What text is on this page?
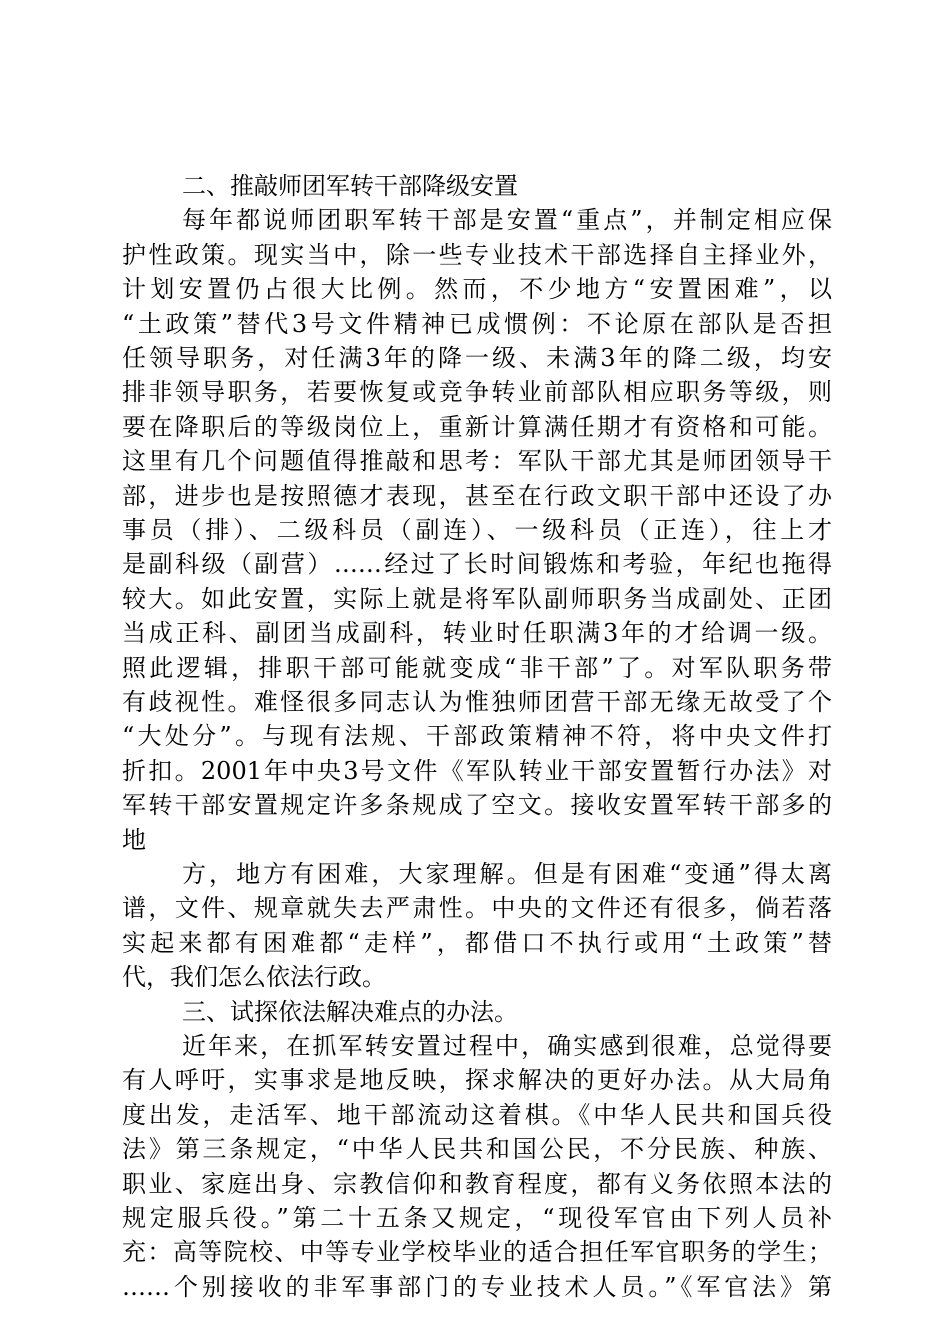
二、推敲师团军转干部降级安置
每年都说师团职军转干部是安置“重点”，并制定相应保
护性政策。现实当中，除一些专业技术干部选择自主择业外，
计划安置仍占很大比例。然而，不少地方“安置困难”，以
“土政策”替代3号文件精神已成惯例：不论原在部队是否担
任领导职务，对任满3年的降一级、未满3年的降二级，均安
排非领导职务，若要恢复或竞争转业前部队相应职务等级，则
要在降职后的等级岗位上，重新计算满任期才有资格和可能。
这里有几个问题值得推敲和思考：军队干部尤其是师团领导干
部，进步也是按照德才表现，甚至在行政文职干部中还设了办
事员（排）、二级科员（副连）、一级科员（正连），往上才
是副科级（副营）……经过了长时间锻炼和考验，年纪也拖得
较大。如此安置，实际上就是将军队副师职务当成副处、正团
当成正科、副团当成副科，转业时任职满3年的才给调一级。
照此逻辑，排职干部可能就变成“非干部”了。对军队职务带
有歧视性。难怪很多同志认为惟独师团营干部无缘无故受了个
“大处分”。与现有法规、干部政策精神不符，将中央文件打
折扣。2001年中央3号文件《军队转业干部安置暂行办法》对
军转干部安置规定许多条规成了空文。接收安置军转干部多的
地
方，地方有困难，大家理解。但是有困难“变通”得太离
谱，文件、规章就失去严肃性。中央的文件还有很多，倘若落
实起来都有困难都“走样”，都借口不执行或用“土政策”替
代，我们怎么依法行政。
三、试探依法解决难点的办法。
近年来，在抓军转安置过程中，确实感到很难，总觉得要
有人呼吁，实事求是地反映，探求解决的更好办法。从大局角
度出发，走活军、地干部流动这着棋。《中华人民共和国兵役
法》第三条规定，“中华人民共和国公民，不分民族、种族、
职业、家庭出身、宗教信仰和教育程度，都有义务依照本法的
规定服兵役。”第二十五条又规定，“现役军官由下列人员补
充：高等院校、中等专业学校毕业的适合担任军官职务的学生；
……个别接收的非军事部门的专业技术人员。”《军官法》第
